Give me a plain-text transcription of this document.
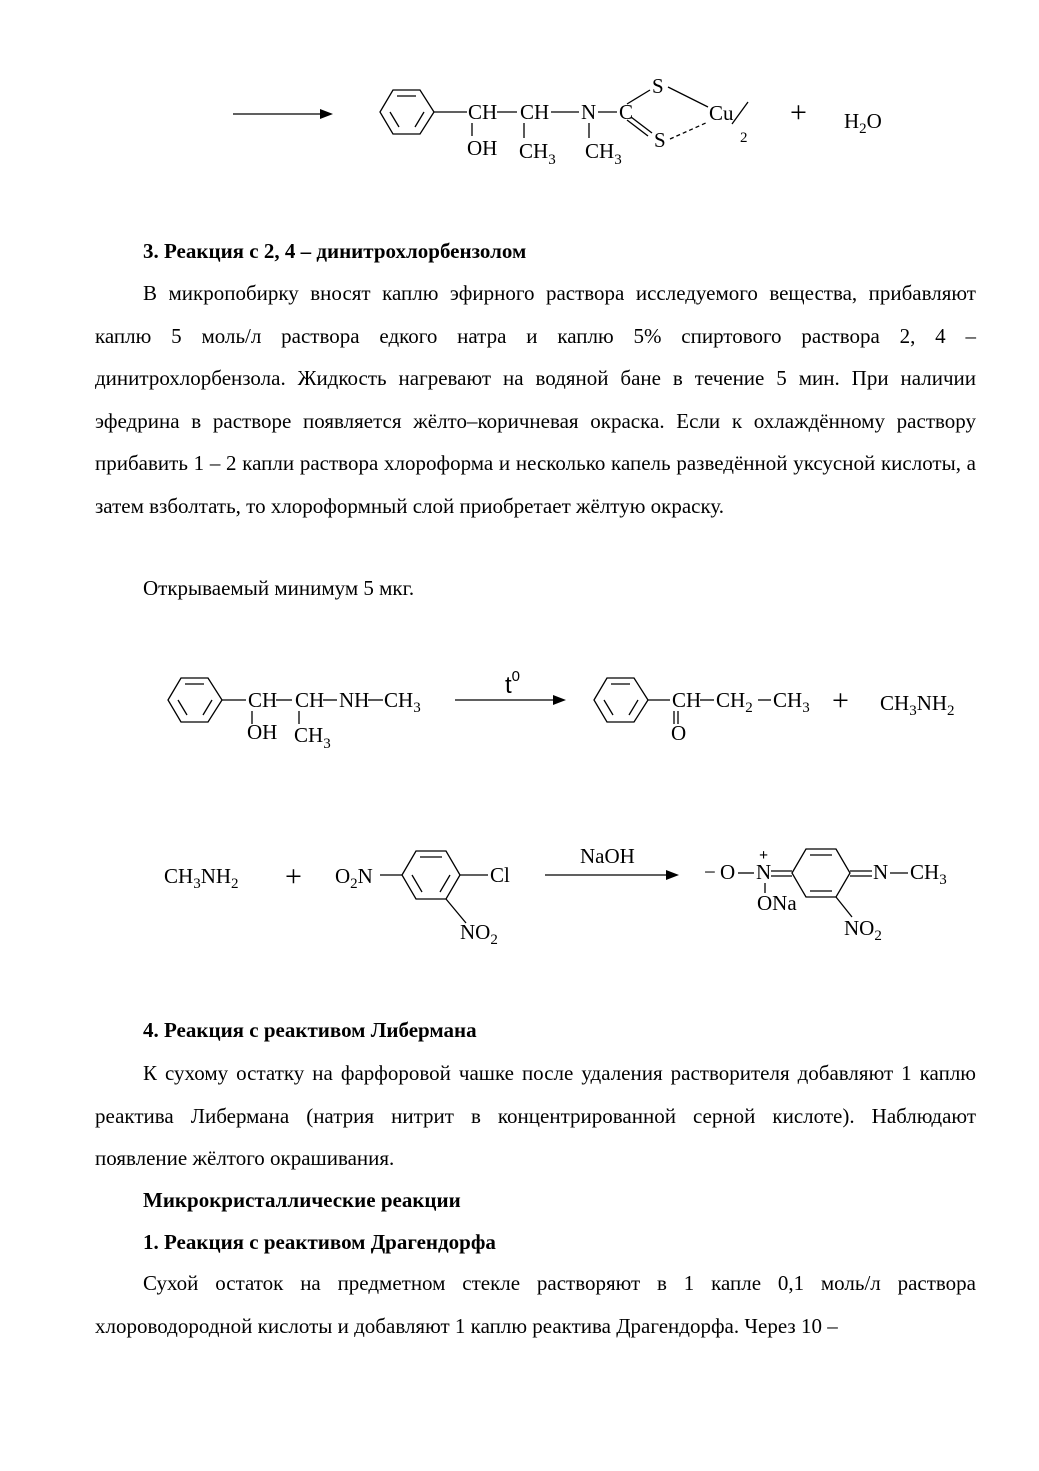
CH
OH
CH
$CH_3$
N
$CH_3$
C
S
S
Cu
2
+ $H_2O$

3. Реакция с 2, 4 – динитрохлорбензолом

В микропобирку вносят каплю эфирного раствора исследуемого вещества, прибавляют каплю 5 моль/л раствора едкого натра и каплю 5% спиртового раствора 2, 4 – динитрохлорбензола. Жидкость нагревают на водяной бане в течение 5 мин. При наличии эфедрина в растворе появляется жёлто–коричневая окраска. Если к охлаждённому раствору прибавить 1 – 2 капли раствора хлороформа и несколько капель разведённой уксусной кислоты, а затем взболтать, то хлороформный слой приобретает жёлтую окраску.

Открываемый минимум 5 мкг.

CH
OH
CH
$CH_3$
NH $CH_3$
$t^0$
CH
O
$CH_2$ $CH_3 + CH_3NH_2$
$CH_3NH_2 + O_2N$	Cl
$NO_2$
NaOH
− O N
+
ONa
N $CH_3$
$NO_2$

4. Реакция с реактивом Либермана

К сухому остатку на фарфоровой чашке после удаления растворителя добавляют 1 каплю реактива Либермана (натрия нитрит в концентрированной серной кислоте). Наблюдают появление жёлтого окрашивания.

Микрокристаллические реакции

1. Реакция с реактивом Драгендорфа

Сухой остаток на предметном стекле растворяют в 1 капле 0,1 моль/л раствора хлороводородной кислоты и добавляют 1 каплю реактива Драгендорфа. Через 10 –
